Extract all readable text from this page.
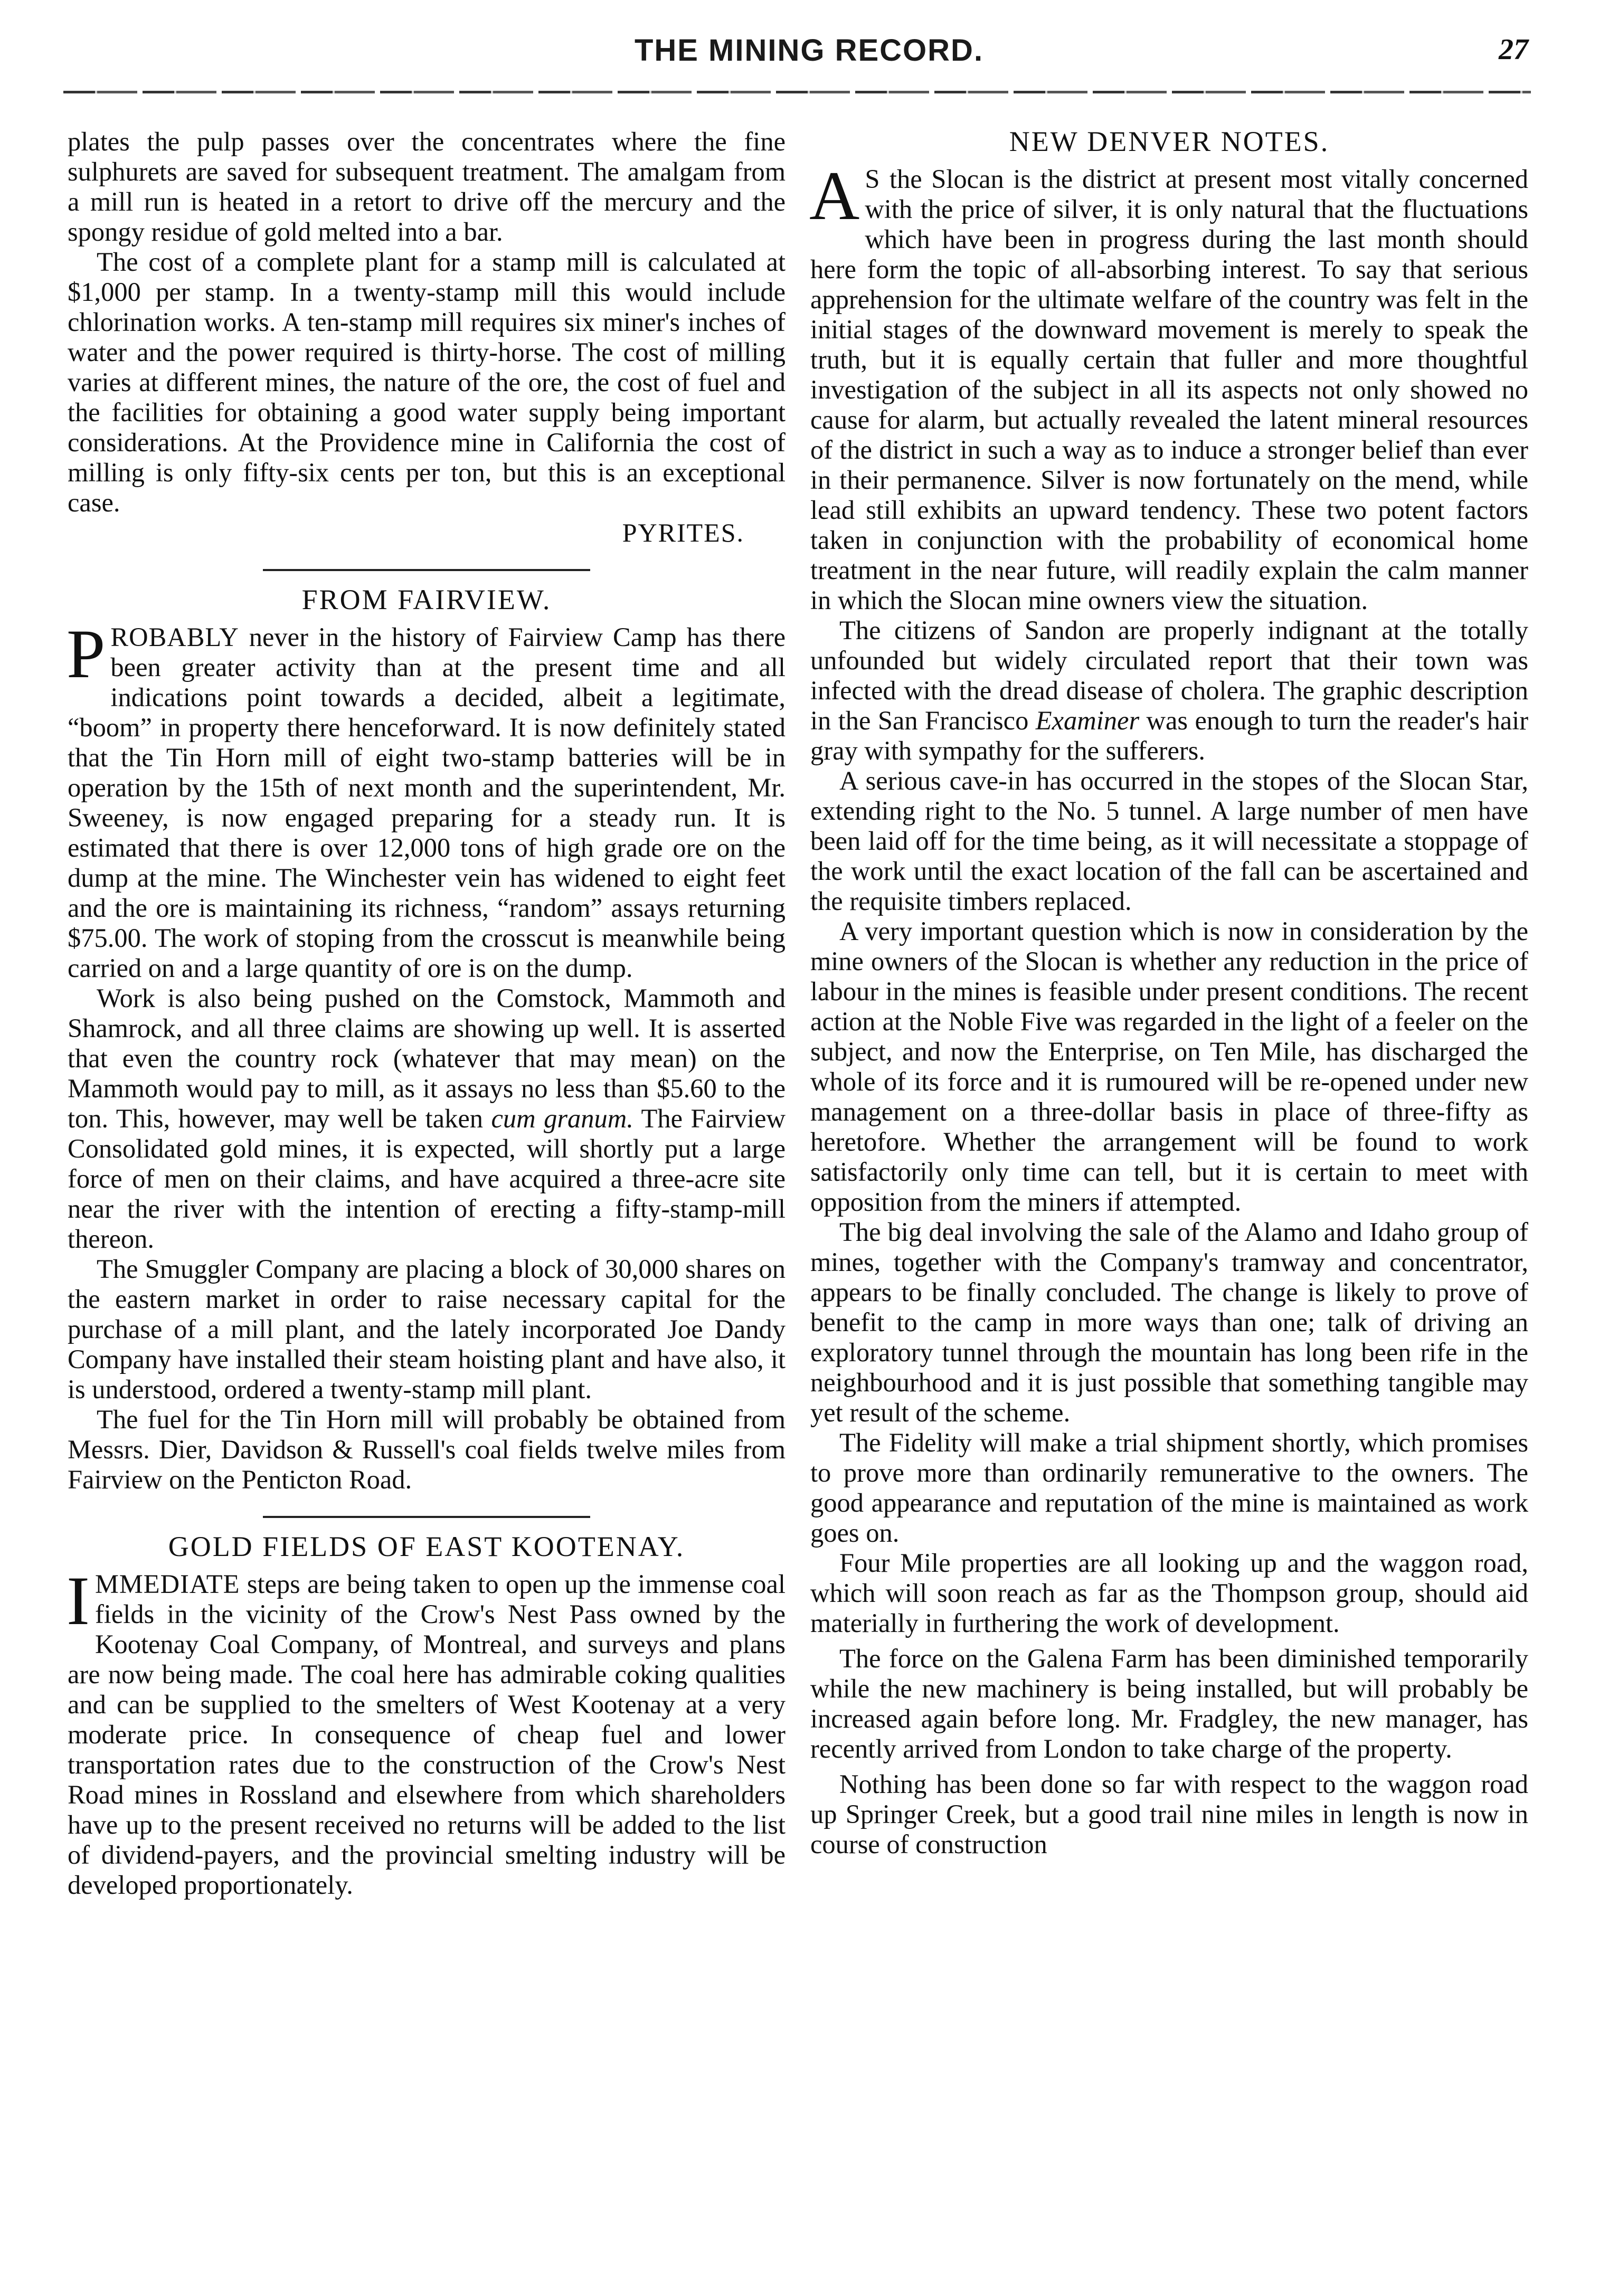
THE MINING RECORD.	27

plates the pulp passes over the concentrates where the fine sulphurets are saved for subsequent treatment. The amalgam from a mill run is heated in a retort to drive off the mercury and the spongy residue of gold melted into a bar.

The cost of a complete plant for a stamp mill is calculated at $1,000 per stamp. In a twenty-stamp mill this would include chlorination works. A ten-stamp mill requires six miner's inches of water and the power required is thirty-horse. The cost of milling varies at different mines, the nature of the ore, the cost of fuel and the facilities for obtaining a good water supply being important considerations. At the Providence mine in California the cost of milling is only fifty-six cents per ton, but this is an exceptional case.

PYRITES.
FROM FAIRVIEW.

PROBABLY never in the history of Fairview Camp has there been greater activity than at the present time and all indications point towards a decided, albeit a legitimate, “boom” in property there henceforward. It is now definitely stated that the Tin Horn mill of eight two-stamp batteries will be in operation by the 15th of next month and the superintendent, Mr. Sweeney, is now engaged preparing for a steady run. It is estimated that there is over 12,000 tons of high grade ore on the dump at the mine. The Winchester vein has widened to eight feet and the ore is maintaining its richness, “random” assays returning $75.00. The work of stoping from the crosscut is meanwhile being carried on and a large quantity of ore is on the dump.

Work is also being pushed on the Comstock, Mammoth and Shamrock, and all three claims are showing up well. It is asserted that even the country rock (whatever that may mean) on the Mammoth would pay to mill, as it assays no less than $5.60 to the ton. This, however, may well be taken cum granum. The Fairview Consolidated gold mines, it is expected, will shortly put a large force of men on their claims, and have acquired a three-acre site near the river with the intention of erecting a fifty-stamp-mill thereon.

The Smuggler Company are placing a block of 30,000 shares on the eastern market in order to raise necessary capital for the purchase of a mill plant, and the lately incorporated Joe Dandy Company have installed their steam hoisting plant and have also, it is understood, ordered a twenty-stamp mill plant.

The fuel for the Tin Horn mill will probably be obtained from Messrs. Dier, Davidson & Russell's coal fields twelve miles from Fairview on the Penticton Road.

GOLD FIELDS OF EAST KOOTENAY.

IMMEDIATE steps are being taken to open up the immense coal fields in the vicinity of the Crow's Nest Pass owned by the Kootenay Coal Company, of Montreal, and surveys and plans are now being made. The coal here has admirable coking qualities and can be supplied to the smelters of West Kootenay at a very moderate price. In consequence of cheap fuel and lower transportation rates due to the construction of the Crow's Nest Road mines in Rossland and elsewhere from which shareholders have up to the present received no returns will be added to the list of dividend-payers, and the provincial smelting industry will be developed proportionately.

NEW DENVER NOTES.

A S the Slocan is the district at present most vitally concerned with the price of silver, it is only natural that the fluctuations which have been in progress during the last month should here form the topic of all-absorbing interest. To say that serious apprehension for the ultimate welfare of the country was felt in the initial stages of the downward movement is merely to speak the truth, but it is equally certain that fuller and more thoughtful investigation of the subject in all its aspects not only showed no cause for alarm, but actually revealed the latent mineral resources of the district in such a way as to induce a stronger belief than ever in their permanence. Silver is now fortunately on the mend, while lead still exhibits an upward tendency. These two potent factors taken in conjunction with the probability of economical home treatment in the near future, will readily explain the calm manner in which the Slocan mine owners view the situation.

The citizens of Sandon are properly indignant at the totally unfounded but widely circulated report that their town was infected with the dread disease of cholera. The graphic description in the San Francisco Examiner was enough to turn the reader's hair gray with sympathy for the sufferers.

A serious cave-in has occurred in the stopes of the Slocan Star, extending right to the No. 5 tunnel. A large number of men have been laid off for the time being, as it will necessitate a stoppage of the work until the exact location of the fall can be ascertained and the requisite timbers replaced.

A very important question which is now in consideration by the mine owners of the Slocan is whether any reduction in the price of labour in the mines is feasible under present conditions. The recent action at the Noble Five was regarded in the light of a feeler on the subject, and now the Enterprise, on Ten Mile, has discharged the whole of its force and it is rumoured will be re-opened under new management on a three-dollar basis in place of three-fifty as heretofore. Whether the arrangement will be found to work satisfactorily only time can tell, but it is certain to meet with opposition from the miners if attempted.

The big deal involving the sale of the Alamo and Idaho group of mines, together with the Company's tramway and concentrator, appears to be finally concluded. The change is likely to prove of benefit to the camp in more ways than one; talk of driving an exploratory tunnel through the mountain has long been rife in the neighbourhood and it is just possible that something tangible may yet result of the scheme.

The Fidelity will make a trial shipment shortly, which promises to prove more than ordinarily remunerative to the owners. The good appearance and reputation of the mine is maintained as work goes on.

Four Mile properties are all looking up and the waggon road, which will soon reach as far as the Thompson group, should aid materially in furthering the work of development.

The force on the Galena Farm has been diminished temporarily while the new machinery is being installed, but will probably be increased again before long. Mr. Fradgley, the new manager, has recently arrived from London to take charge of the property.

Nothing has been done so far with respect to the waggon road up Springer Creek, but a good trail nine miles in length is now in course of construction
